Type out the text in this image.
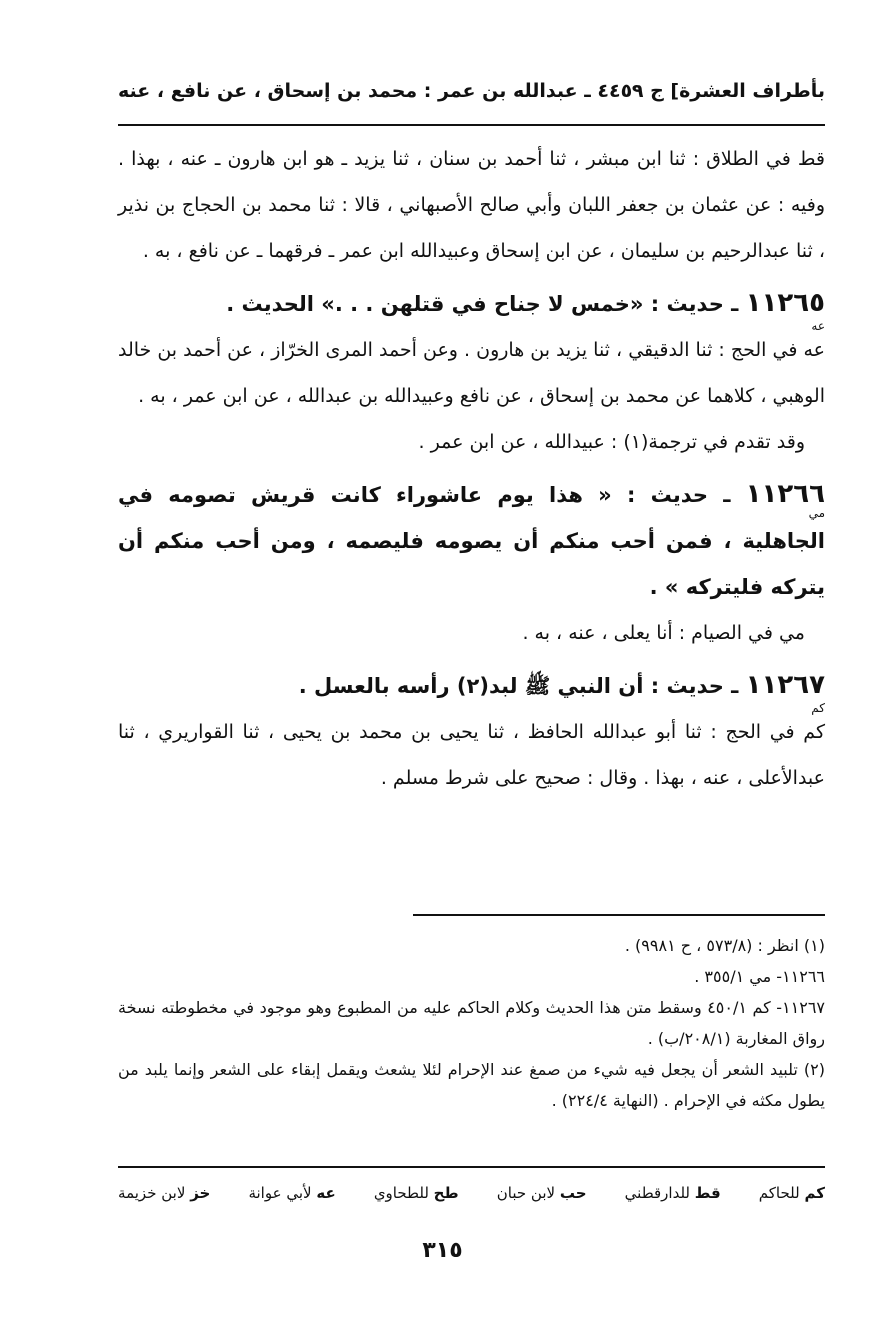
بأطراف العشرة] ج ٩
٤٤٥ ـ عبدالله بن عمر : محمد بن إسحاق ، عن نافع ، عنه

قط في الطلاق : ثنا ابن مبشر ، ثنا أحمد بن سنان ، ثنا يزيد ـ هو ابن هارون ـ عنه ، بهذا . وفيه : عن عثمان بن جعفر اللبان وأبي صالح الأصبهاني ، قالا : ثنا محمد بن الحجاج بن نذير ، ثنا عبدالرحيم بن سليمان ، عن ابن إسحاق وعبيدالله ابن عمر ـ فرقهما ـ عن نافع ، به .

١١٢٦٥ ـ حديث : «خمس لا جناح في قتلهن . . .» الحديث .
عه

عه في الحج : ثنا الدقيقي ، ثنا يزيد بن هارون . وعن أحمد المرى الخرّاز ، عن أحمد بن خالد الوهبي ، كلاهما عن محمد بن إسحاق ، عن نافع وعبيدالله بن عبدالله ، عن ابن عمر ، به .

وقد تقدم في ترجمة(١) : عبيدالله ، عن ابن عمر .

١١٢٦٦ ـ حديث : « هذا يوم عاشوراء كانت قريش تصومه في الجاهلية ، فمن أحب منكم أن يصومه فليصمه ، ومن أحب منكم أن يتركه فليتركه » .
مي

مي في الصيام : أنا يعلى ، عنه ، به .

١١٢٦٧ ـ حديث : أن النبي ﷺ لبد(٢) رأسه بالعسل .
كم

كم في الحج : ثنا أبو عبدالله الحافظ ، ثنا يحيى بن محمد بن يحيى ، ثنا القواريري ، ثنا عبدالأعلى ، عنه ، بهذا . وقال : صحيح على شرط مسلم .

(١) انظر : (٥٧٣/٨ ، ح ٩٩٨١) .

١١٢٦٦- مي ٣٥٥/١ .

١١٢٦٧- كم ٤٥٠/١ وسقط متن هذا الحديث وكلام الحاكم عليه من المطبوع وهو موجود في مخطوطته نسخة رواق المغاربة (٢٠٨/١/ب) .

(٢) تلبيد الشعر أن يجعل فيه شيء من صمغ عند الإحرام لئلا يشعث ويقمل إبقاء على الشعر وإنما يلبد من يطول مكثه في الإحرام . (النهاية ٢٢٤/٤) .

خز لابن خزيمة	عه لأبي عوانة	طح للطحاوي	حب لابن حبان	قط للدارقطني	كم للحاكم
٣١٥
